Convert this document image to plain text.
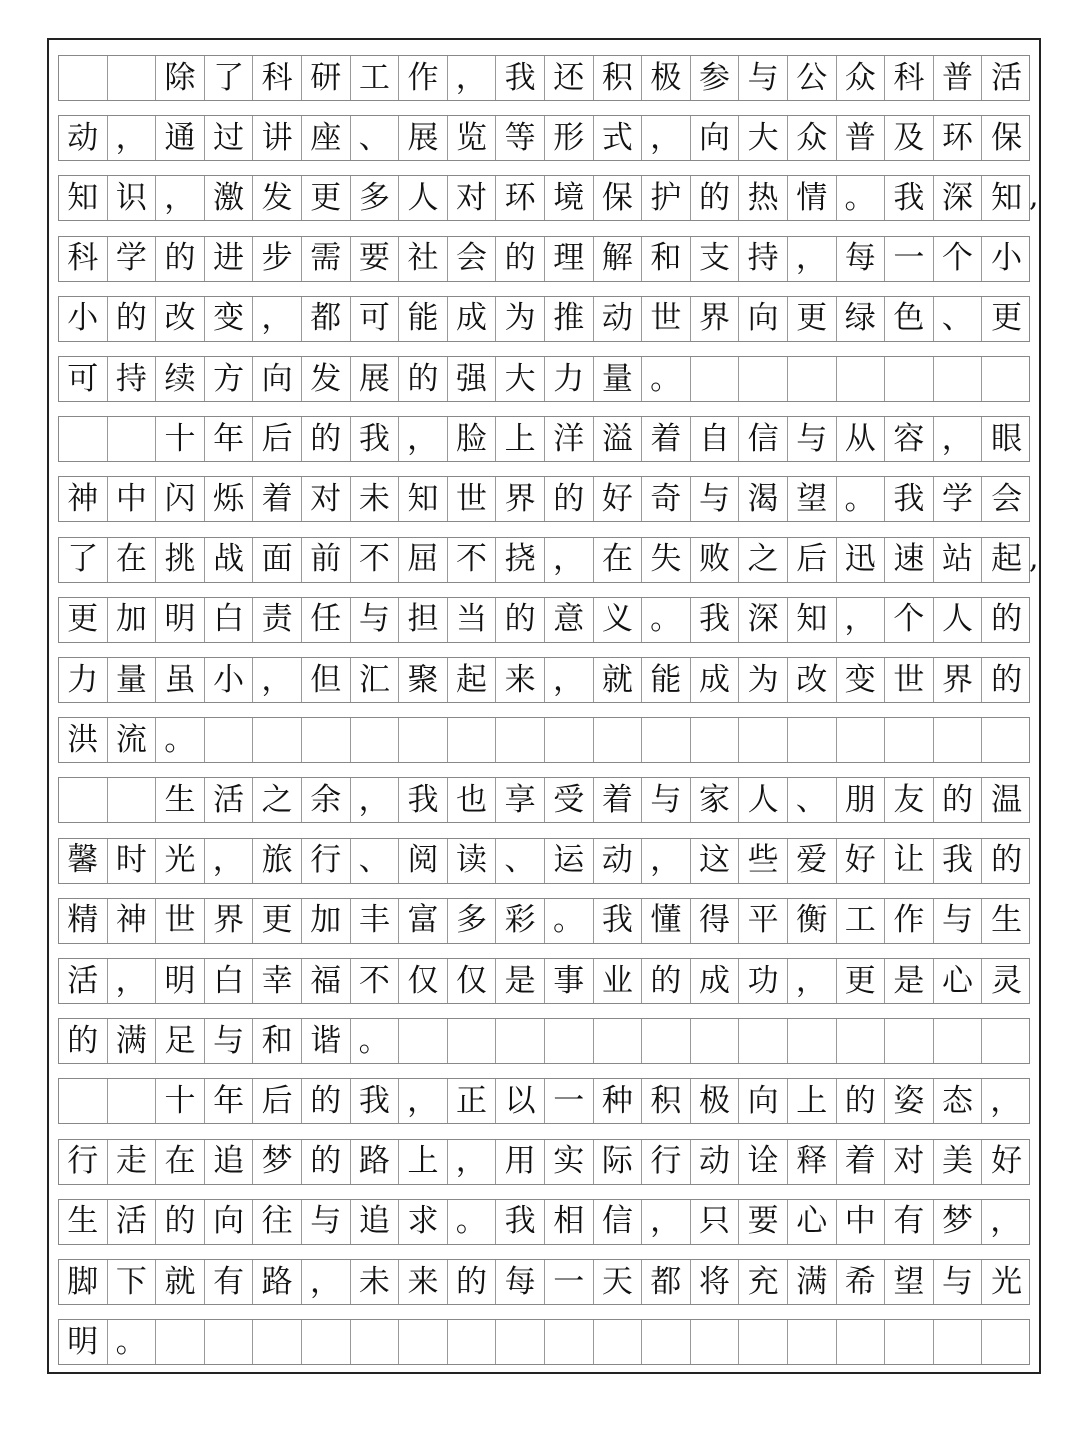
除 了 科 研 工 作 ， 我 还 积 极 参 与 公 众 科 普 活
动 ， 通 过 讲 座 、 展 览 等 形 式 ， 向 大 众 普 及 环 保
知 识 ， 激 发 更 多 人 对 环 境 保 护 的 热 情 。 我 深 知
科 学 的 进 步 需 要 社 会 的 理 解 和 支 持 ， 每 一 个 小
小 的 改 变 ， 都 可 能 成 为 推 动 世 界 向 更 绿 色 、 更
可 持 续 方 向 发 展 的 强 大 力 量 。
十 年 后 的 我 ， 脸 上 洋 溢 着 自 信 与 从 容 ， 眼
神 中 闪 烁 着 对 未 知 世 界 的 好 奇 与 渴 望 。 我 学 会
了 在 挑 战 面 前 不 屈 不 挠 ， 在 失 败 之 后 迅 速 站 起
更 加 明 白 责 任 与 担 当 的 意 义 。 我 深 知 ， 个 人 的
力 量 虽 小 ， 但 汇 聚 起 来 ， 就 能 成 为 改 变 世 界 的
洪 流 。
生 活 之 余 ， 我 也 享 受 着 与 家 人 、 朋 友 的 温
馨 时 光 ， 旅 行 、 阅 读 、 运 动 ， 这 些 爱 好 让 我 的
精 神 世 界 更 加 丰 富 多 彩 。 我 懂 得 平 衡 工 作 与 生
活 ， 明 白 幸 福 不 仅 仅 是 事 业 的 成 功 ， 更 是 心 灵
的 满 足 与 和 谐 。
十 年 后 的 我 ， 正 以 一 种 积 极 向 上 的 姿 态 ，
行 走 在 追 梦 的 路 上 ， 用 实 际 行 动 诠 释 着 对 美 好
生 活 的 向 往 与 追 求 。 我 相 信 ， 只 要 心 中 有 梦 ，
脚 下 就 有 路 ， 未 来 的 每 一 天 都 将 充 满 希 望 与 光
明 。
,
,
